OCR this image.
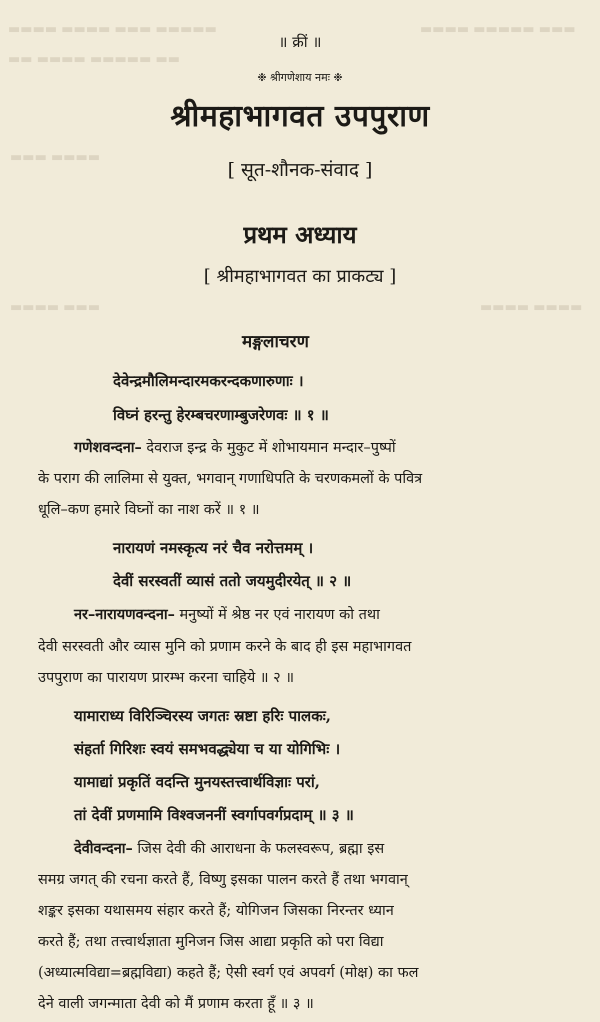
▬▬▬▬ ▬▬▬▬ ▬▬▬ ▬▬▬▬▬
▬▬ ▬▬▬▬ ▬▬▬▬▬ ▬▬
▬▬▬▬ ▬▬▬▬▬ ▬▬▬
▬▬▬ ▬▬▬▬
▬▬▬▬ ▬▬▬	▬▬▬▬ ▬▬▬▬
॥ क्रीं ॥
❉ श्रीगणेशाय नमः ❉
श्रीमहाभागवत उपपुराण
[ सूत-शौनक-संवाद ]
प्रथम अध्याय
[ श्रीमहाभागवत का प्राकट्य ]
मङ्गलाचरण
देवेन्द्रमौलिमन्दारमकरन्दकणारुणाः ।
विघ्नं हरन्तु हेरम्बचरणाम्बुजरेणवः ॥ १ ॥
गणेशवन्दना– देवराज इन्द्र के मुकुट में शोभायमान मन्दार–पुष्पों
के पराग की लालिमा से युक्त, भगवान् गणाधिपति के चरणकमलों के पवित्र
धूलि–कण हमारे विघ्नों का नाश करें ॥ १ ॥
नारायणं नमस्कृत्य नरं चैव नरोत्तमम् ।
देवीं सरस्वतीं व्यासं ततो जयमुदीरयेत् ॥ २ ॥
नर–नारायणवन्दना– मनुष्यों में श्रेष्ठ नर एवं नारायण को तथा
देवी सरस्वती और व्यास मुनि को प्रणाम करने के बाद ही इस महाभागवत
उपपुराण का पारायण प्रारम्भ करना चाहिये ॥ २ ॥
यामाराध्य विरिञ्चिरस्य जगतः स्रष्टा हरिः पालकः,
संहर्ता गिरिशः स्वयं समभवद्ध्येया च या योगिभिः ।
यामाद्यां प्रकृतिं वदन्ति मुनयस्तत्त्वार्थविज्ञाः परां,
तां देवीं प्रणमामि विश्वजननीं स्वर्गापवर्गप्रदाम् ॥ ३ ॥
देवीवन्दना– जिस देवी की आराधना के फलस्वरूप, ब्रह्मा इस
समग्र जगत् की रचना करते हैं, विष्णु इसका पालन करते हैं तथा भगवान्
शङ्कर इसका यथासमय संहार करते हैं; योगिजन जिसका निरन्तर ध्यान
करते हैं; तथा तत्त्वार्थज्ञाता मुनिजन जिस आद्या प्रकृति को परा विद्या
(अध्यात्मविद्या=ब्रह्मविद्या) कहते हैं; ऐसी स्वर्ग एवं अपवर्ग (मोक्ष) का फल
देने वाली जगन्माता देवी को मैं प्रणाम करता हूँ ॥ ३ ॥
